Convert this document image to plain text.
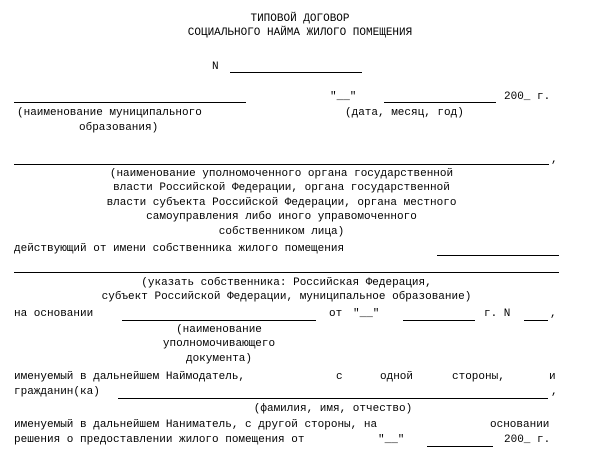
ТИПОВОЙ ДОГОВОР
СОЦИАЛЬНОГО НАЙМА ЖИЛОГО ПОМЕЩЕНИЯ
N
"__"	200_ г.
(наименование муниципального
образования)
(дата, месяц, год)
,
(наименование уполномоченного органа государственной
власти Российской Федерации, органа государственной
власти субъекта Российской Федерации, органа местного
самоуправления либо иного управомоченного
собственником лица)
действующий от имени собственника жилого помещения
(указать собственника: Российская Федерация,
субъект Российской Федерации, муниципальное образование)
на основании	от "__"	г. N	,
(наименование
уполномочивающего
документа)
именуемый в дальнейшем Наймодатель,	с	одной	стороны,	и
гражданин(ка)	,
(фамилия, имя, отчество)
именуемый в дальнейшем Наниматель, с другой стороны, на	основании
решения о предоставлении жилого помещения от	"__"	200_ г.
